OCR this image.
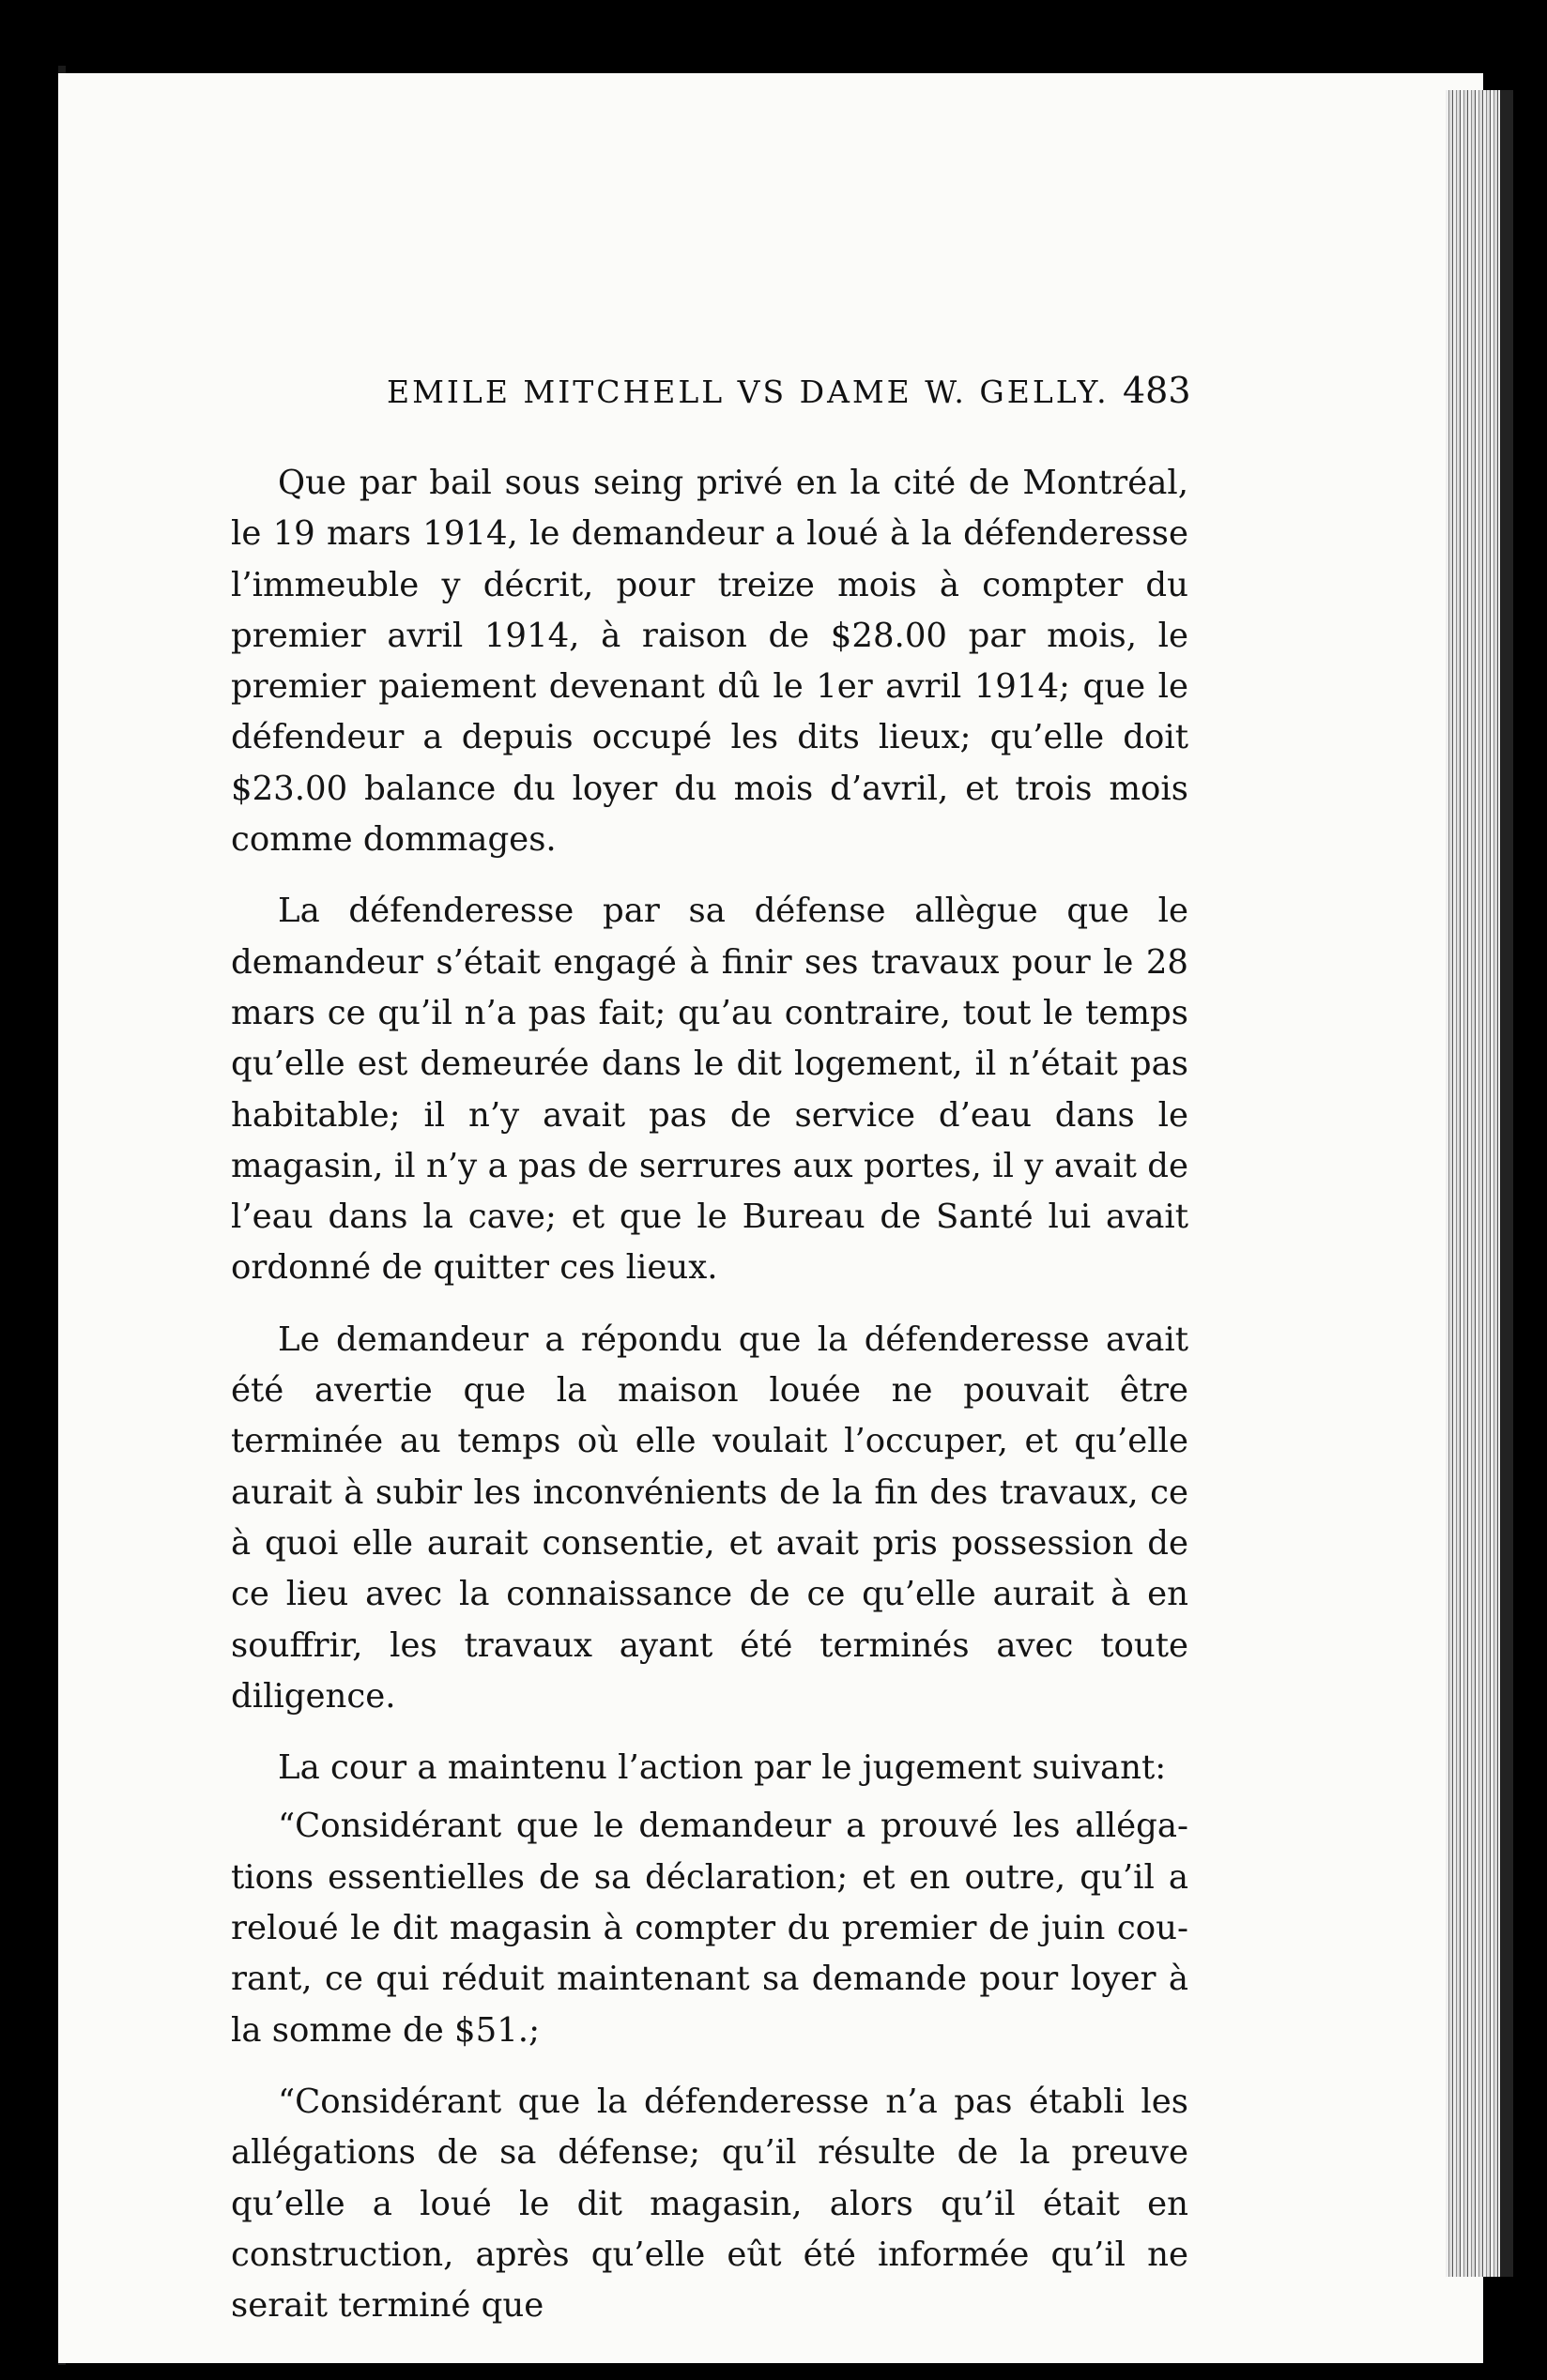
EMILE MITCHELL VS DAME W. GELLY. 483

Que par bail sous seing privé en la cité de Montréal, le 19 mars 1914, le demandeur a loué à la défenderesse l’immeuble y décrit, pour treize mois à compter du premier avril 1914, à raison de $28.00 par mois, le premier paiement devenant dû le 1er avril 1914; que le défendeur a depuis occupé les dits lieux; qu’elle doit $23.00 balance du loyer du mois d’avril, et trois mois comme dommages.

La défenderesse par sa défense allègue que le demandeur s’était engagé à finir ses travaux pour le 28 mars ce qu’il n’a pas fait; qu’au contraire, tout le temps qu’elle est demeurée dans le dit logement, il n’était pas habitable; il n’y avait pas de service d’eau dans le magasin, il n’y a pas de serrures aux portes, il y avait de l’eau dans la cave; et que le Bureau de Santé lui avait ordonné de quitter ces lieux.

Le demandeur a répondu que la défenderesse avait été avertie que la maison louée ne pouvait être terminée au temps où elle voulait l’occuper, et qu’elle aurait à subir les inconvénients de la fin des travaux, ce à quoi elle aurait consentie, et avait pris possession de ce lieu avec la connaissance de ce qu’elle aurait à en souffrir, les travaux ayant été terminés avec toute diligence.

La cour a maintenu l’action par le jugement suivant:

“Considérant que le demandeur a prouvé les allégations essentielles de sa déclaration; et en outre, qu’il a reloué le dit magasin à compter du premier de juin courant, ce qui réduit maintenant sa demande pour loyer à la somme de $51.;

“Considérant que la défenderesse n’a pas établi les allégations de sa défense; qu’il résulte de la preuve qu’elle a loué le dit magasin, alors qu’il était en construction, après qu’elle eût été informée qu’il ne serait terminé que
